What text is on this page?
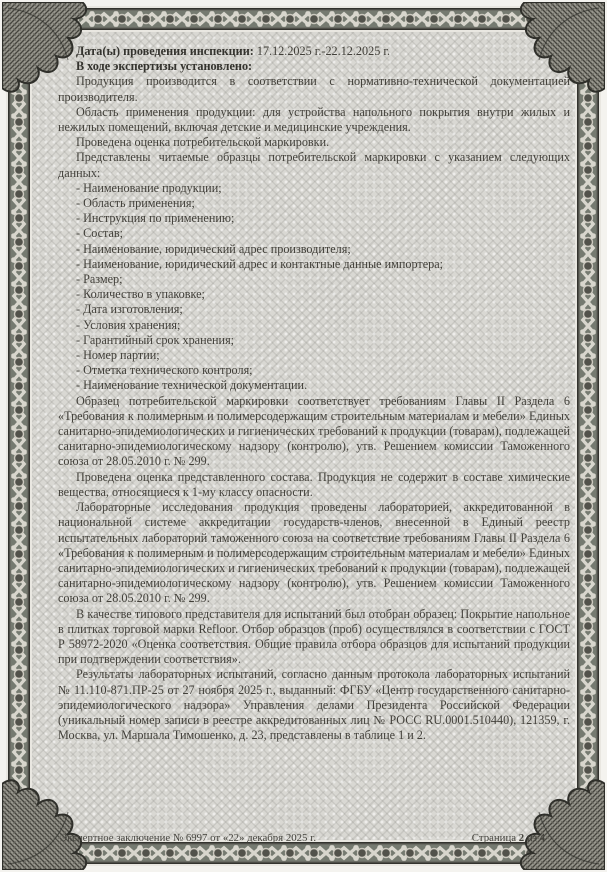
Дата(ы) проведения инспекции: 17.12.2025 г.-22.12.2025 г.

В ходе экспертизы установлено:

Продукция производится в соответствии с нормативно-технической документацией производителя.

Область применения продукции: для устройства напольного покрытия внутри жилых и нежилых помещений, включая детские и медицинские учреждения.

Проведена оценка потребительской маркировки.

Представлены читаемые образцы потребительской маркировки с указанием следующих данных:

- Наименование продукции;

- Область применения;

- Инструкция по применению;

- Состав;

- Наименование, юридический адрес производителя;

- Наименование, юридический адрес и контактные данные импортера;

- Размер;

- Количество в упаковке;

- Дата изготовления;

- Условия хранения;

- Гарантийный срок хранения;

- Номер партии;

- Отметка технического контроля;

- Наименование технической документации.

Образец потребительской маркировки соответствует требованиям Главы II Раздела 6 «Требования к полимерным и полимерсодержащим строительным материалам и мебели» Единых санитарно-эпидемиологических и гигиенических требований к продукции (товарам), подлежащей санитарно-эпидемиологическому надзору (контролю), утв. Решением комиссии Таможенного союза от 28.05.2010 г. № 299.

Проведена оценка представленного состава. Продукция не содержит в составе химические вещества, относящиеся к 1-му классу опасности.

Лабораторные исследования продукция проведены лабораторией, аккредитованной в национальной системе аккредитации государств-членов, внесенной в Единый реестр испытательных лабораторий таможенного союза на соответствие требованиям Главы II Раздела 6 «Требования к полимерным и полимерсодержащим строительным материалам и мебели» Единых санитарно-эпидемиологических и гигиенических требований к продукции (товарам), подлежащей санитарно-эпидемиологическому надзору (контролю), утв. Решением комиссии Таможенного союза от 28.05.2010 г. № 299.

В качестве типового представителя для испытаний был отобран образец: Покрытие напольное в плитках торговой марки Refloor. Отбор образцов (проб) осуществлялся в соответствии с ГОСТ Р 58972-2020 «Оценка соответствия. Общие правила отбора образцов для испытаний продукции при подтверждении соответствия».

Результаты лабораторных испытаний, согласно данным протокола лабораторных испытаний № 11.110-871.ПР-25 от 27 ноября 2025 г., выданный: ФГБУ «Центр государственного санитарно-эпидемиологического надзора» Управления делами Президента Российской Федерации (уникальный номер записи в реестре аккредитованных лиц № РОСС RU.0001.510440), 121359, г. Москва, ул. Маршала Тимошенко, д. 23, представлены в таблице 1 и 2.

Экспертное заключение № 6997 от «22» декабря 2025 г.	Страница 2 из 4
